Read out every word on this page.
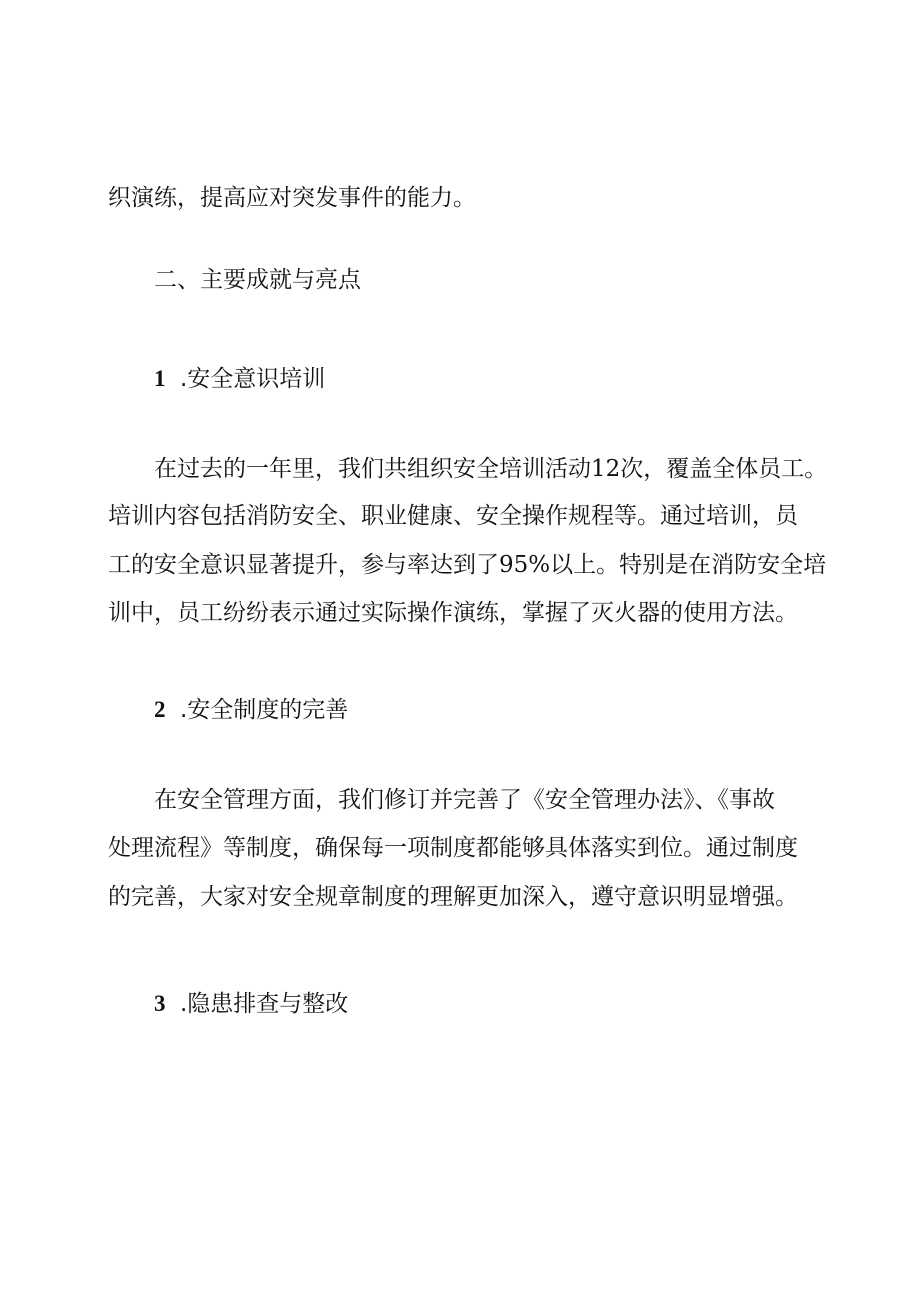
织演练，提高应对突发事件的能力。
二、主要成就与亮点
1 .安全意识培训
在过去的一年里，我们共组织安全培训活动12次，覆盖全体员工。
培训内容包括消防安全、职业健康、安全操作规程等。通过培训，员
工的安全意识显著提升，参与率达到了95%以上。特别是在消防安全培
训中，员工纷纷表示通过实际操作演练，掌握了灭火器的使用方法。
2 .安全制度的完善
在安全管理方面，我们修订并完善了《安全管理办法》、《事故
处理流程》等制度，确保每一项制度都能够具体落实到位。通过制度
的完善，大家对安全规章制度的理解更加深入，遵守意识明显增强。
3 .隐患排查与整改
